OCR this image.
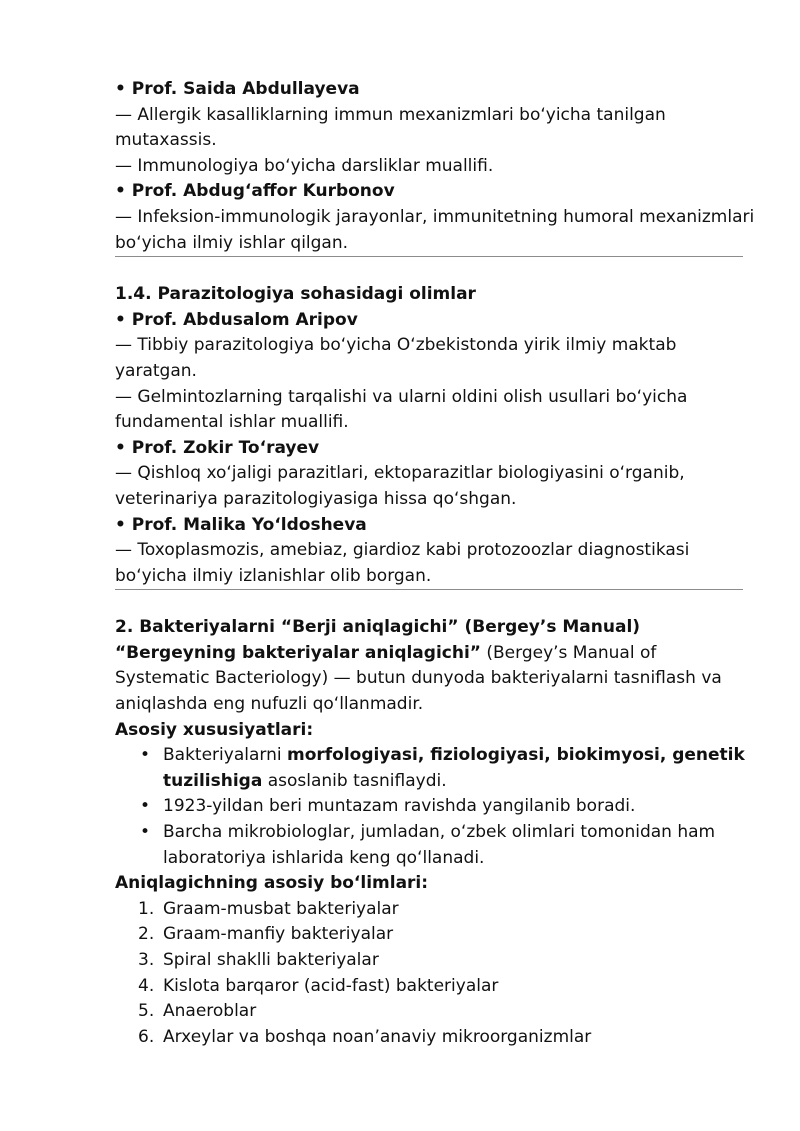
• Prof. Saida Abdullayeva

— Allergik kasalliklarning immun mexanizmlari bo‘yicha tanilgan mutaxassis.

— Immunologiya bo‘yicha darsliklar muallifi.

• Prof. Abdug‘affor Kurbonov

— Infeksion-immunologik jarayonlar, immunitetning humoral mexanizmlari bo‘yicha ilmiy ishlar qilgan.

1.4. Parazitologiya sohasidagi olimlar

• Prof. Abdusalom Aripov

— Tibbiy parazitologiya bo‘yicha O‘zbekistonda yirik ilmiy maktab yaratgan.

— Gelmintozlarning tarqalishi va ularni oldini olish usullari bo‘yicha fundamental ishlar muallifi.

• Prof. Zokir To‘rayev

— Qishloq xo‘jaligi parazitlari, ektoparazitlar biologiyasini o‘rganib, veterinariya parazitologiyasiga hissa qo‘shgan.

• Prof. Malika Yo‘ldosheva

— Toxoplasmozis, amebiaz, giardioz kabi protozoozlar diagnostikasi bo‘yicha ilmiy izlanishlar olib borgan.

2. Bakteriyalarni “Berji aniqlagichi” (Bergey’s Manual)

“Bergeyning bakteriyalar aniqlagichi” (Bergey’s Manual of Systematic Bacteriology) — butun dunyoda bakteriyalarni tasniflash va aniqlashda eng nufuzli qo‘llanmadir.

Asosiy xususiyatlari:

• Bakteriyalarni morfologiyasi, fiziologiyasi, biokimyosi, genetik tuzilishiga asoslanib tasniflaydi.
• 1923-yildan beri muntazam ravishda yangilanib boradi.
• Barcha mikrobiologlar, jumladan, o‘zbek olimlari tomonidan ham laboratoriya ishlarida keng qo‘llanadi.

Aniqlagichning asosiy bo‘limlari:

1. Graam-musbat bakteriyalar
2. Graam-manfiy bakteriyalar
3. Spiral shaklli bakteriyalar
4. Kislota barqaror (acid-fast) bakteriyalar
5. Anaeroblar
6. Arxeylar va boshqa noan’anaviy mikroorganizmlar
